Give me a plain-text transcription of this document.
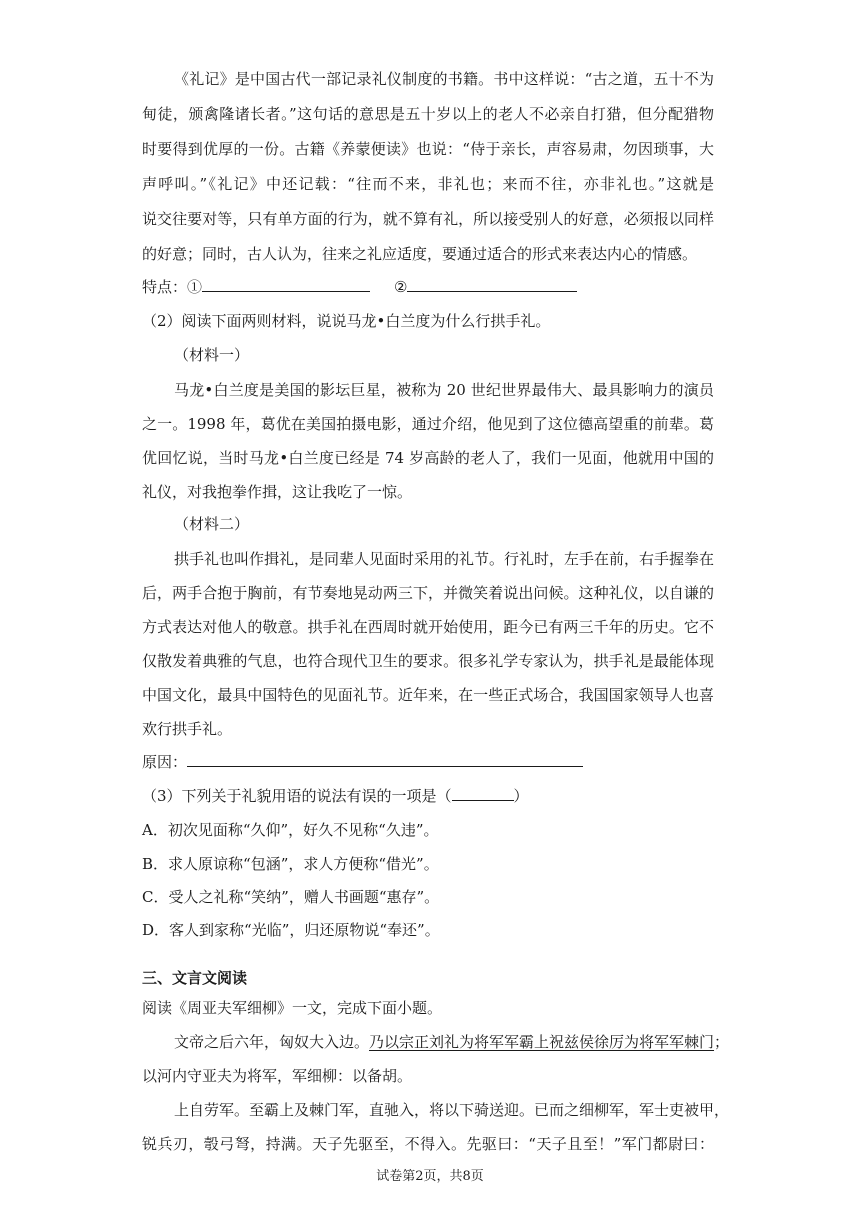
《礼记》是中国古代一部记录礼仪制度的书籍。书中这样说：“古之道，五十不为
甸徒，颁禽隆诸长者。”这句话的意思是五十岁以上的老人不必亲自打猎，但分配猎物
时要得到优厚的一份。古籍《养蒙便读》也说：“侍于亲长，声容易肃，勿因琐事，大
声呼叫。”《礼记》中还记载：“往而不来，非礼也；来而不往，亦非礼也。”这就是
说交往要对等，只有单方面的行为，就不算有礼，所以接受别人的好意，必须报以同样
的好意；同时，古人认为，往来之礼应适度，要通过适合的形式来表达内心的情感。
特点：①	②
（2）阅读下面两则材料，说说马龙•白兰度为什么行拱手礼。
（材料一）
马龙•白兰度是美国的影坛巨星，被称为 20 世纪世界最伟大、最具影响力的演员
之一。1998 年，葛优在美国拍摄电影，通过介绍，他见到了这位德高望重的前辈。葛
优回忆说，当时马龙•白兰度已经是 74 岁高龄的老人了，我们一见面，他就用中国的
礼仪，对我抱拳作揖，这让我吃了一惊。
（材料二）
拱手礼也叫作揖礼，是同辈人见面时采用的礼节。行礼时，左手在前，右手握拳在
后，两手合抱于胸前，有节奏地晃动两三下，并微笑着说出问候。这种礼仪，以自谦的
方式表达对他人的敬意。拱手礼在西周时就开始使用，距今已有两三千年的历史。它不
仅散发着典雅的气息，也符合现代卫生的要求。很多礼学专家认为，拱手礼是最能体现
中国文化，最具中国特色的见面礼节。近年来，在一些正式场合，我国国家领导人也喜
欢行拱手礼。
原因：
（3）下列关于礼貌用语的说法有误的一项是（	）
A．初次见面称“久仰”，好久不见称“久违”。
B．求人原谅称“包涵”，求人方便称“借光”。
C．受人之礼称“笑纳”，赠人书画题“惠存”。
D．客人到家称“光临”，归还原物说“奉还”。
三、文言文阅读
阅读《周亚夫军细柳》一文，完成下面小题。
文帝之后六年，匈奴大入边。乃以宗正刘礼为将军军霸上祝兹侯徐厉为将军军棘门；
以河内守亚夫为将军，军细柳：以备胡。
上自劳军。至霸上及棘门军，直驰入，将以下骑送迎。已而之细柳军，军士吏被甲，
锐兵刃，彀弓弩，持满。天子先驱至，不得入。先驱曰：“天子且至！”军门都尉曰：
试卷第2页，共8页
